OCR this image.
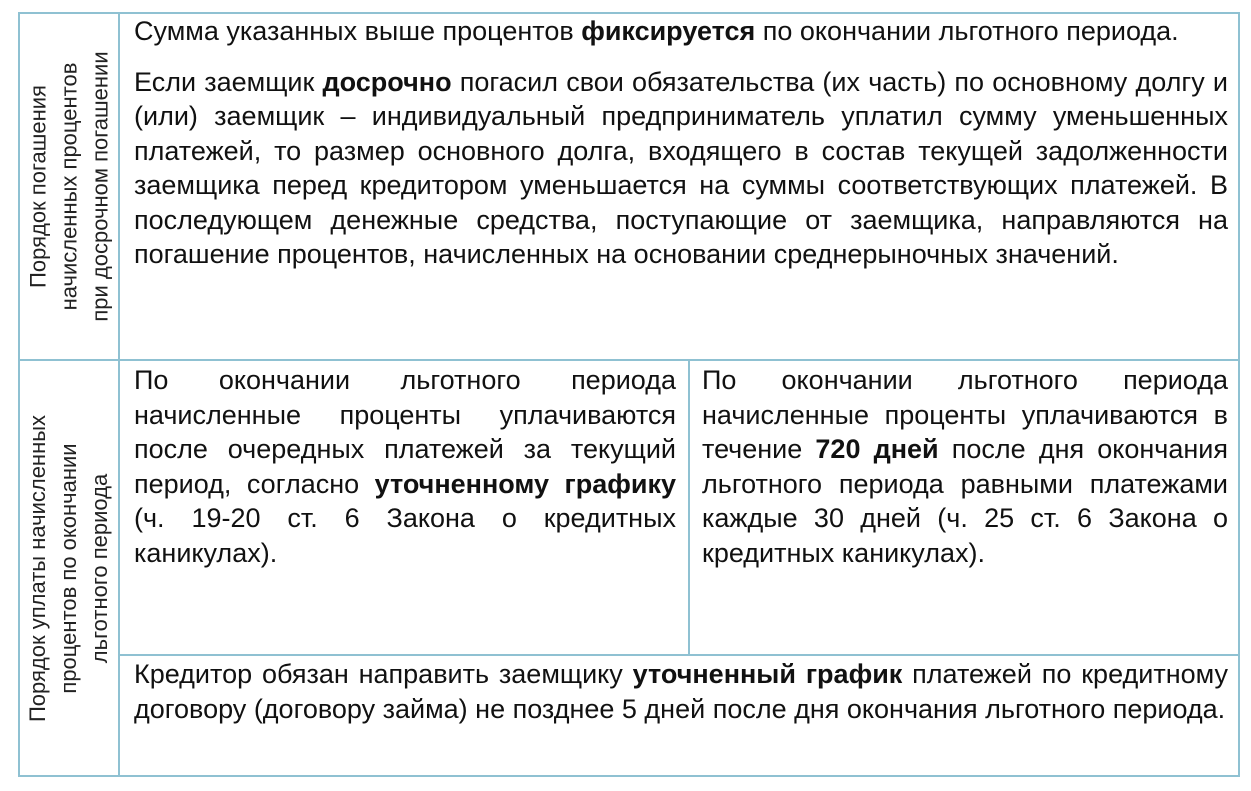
Порядок погашения начисленных процентов при досрочном погашении

Сумма указанных выше процентов фиксируется по окончании льготного периода.

Если заемщик досрочно погасил свои обязательства (их часть) по основному долгу и (или) заемщик – индивидуальный предприниматель уплатил сумму уменьшенных платежей, то размер основного долга, входящего в состав текущей задолженности заемщика перед кредитором уменьшается на суммы соответствующих платежей. В последующем денежные средства, поступающие от заемщика, направляются на погашение процентов, начисленных на основании среднерыночных значений.

Порядок уплаты начисленных процентов по окончании льготного периода

По окончании льготного периода начисленные проценты уплачиваются после очередных платежей за текущий период, согласно уточненному графику (ч. 19-20 ст. 6 Закона о кредитных каникулах).

По окончании льготного периода начисленные проценты уплачиваются в течение 720 дней после дня окончания льготного периода равными платежами каждые 30 дней (ч. 25 ст. 6 Закона о кредитных каникулах).

Кредитор обязан направить заемщику уточненный график платежей по кредитному договору (договору займа) не позднее 5 дней после дня окончания льготного периода.
